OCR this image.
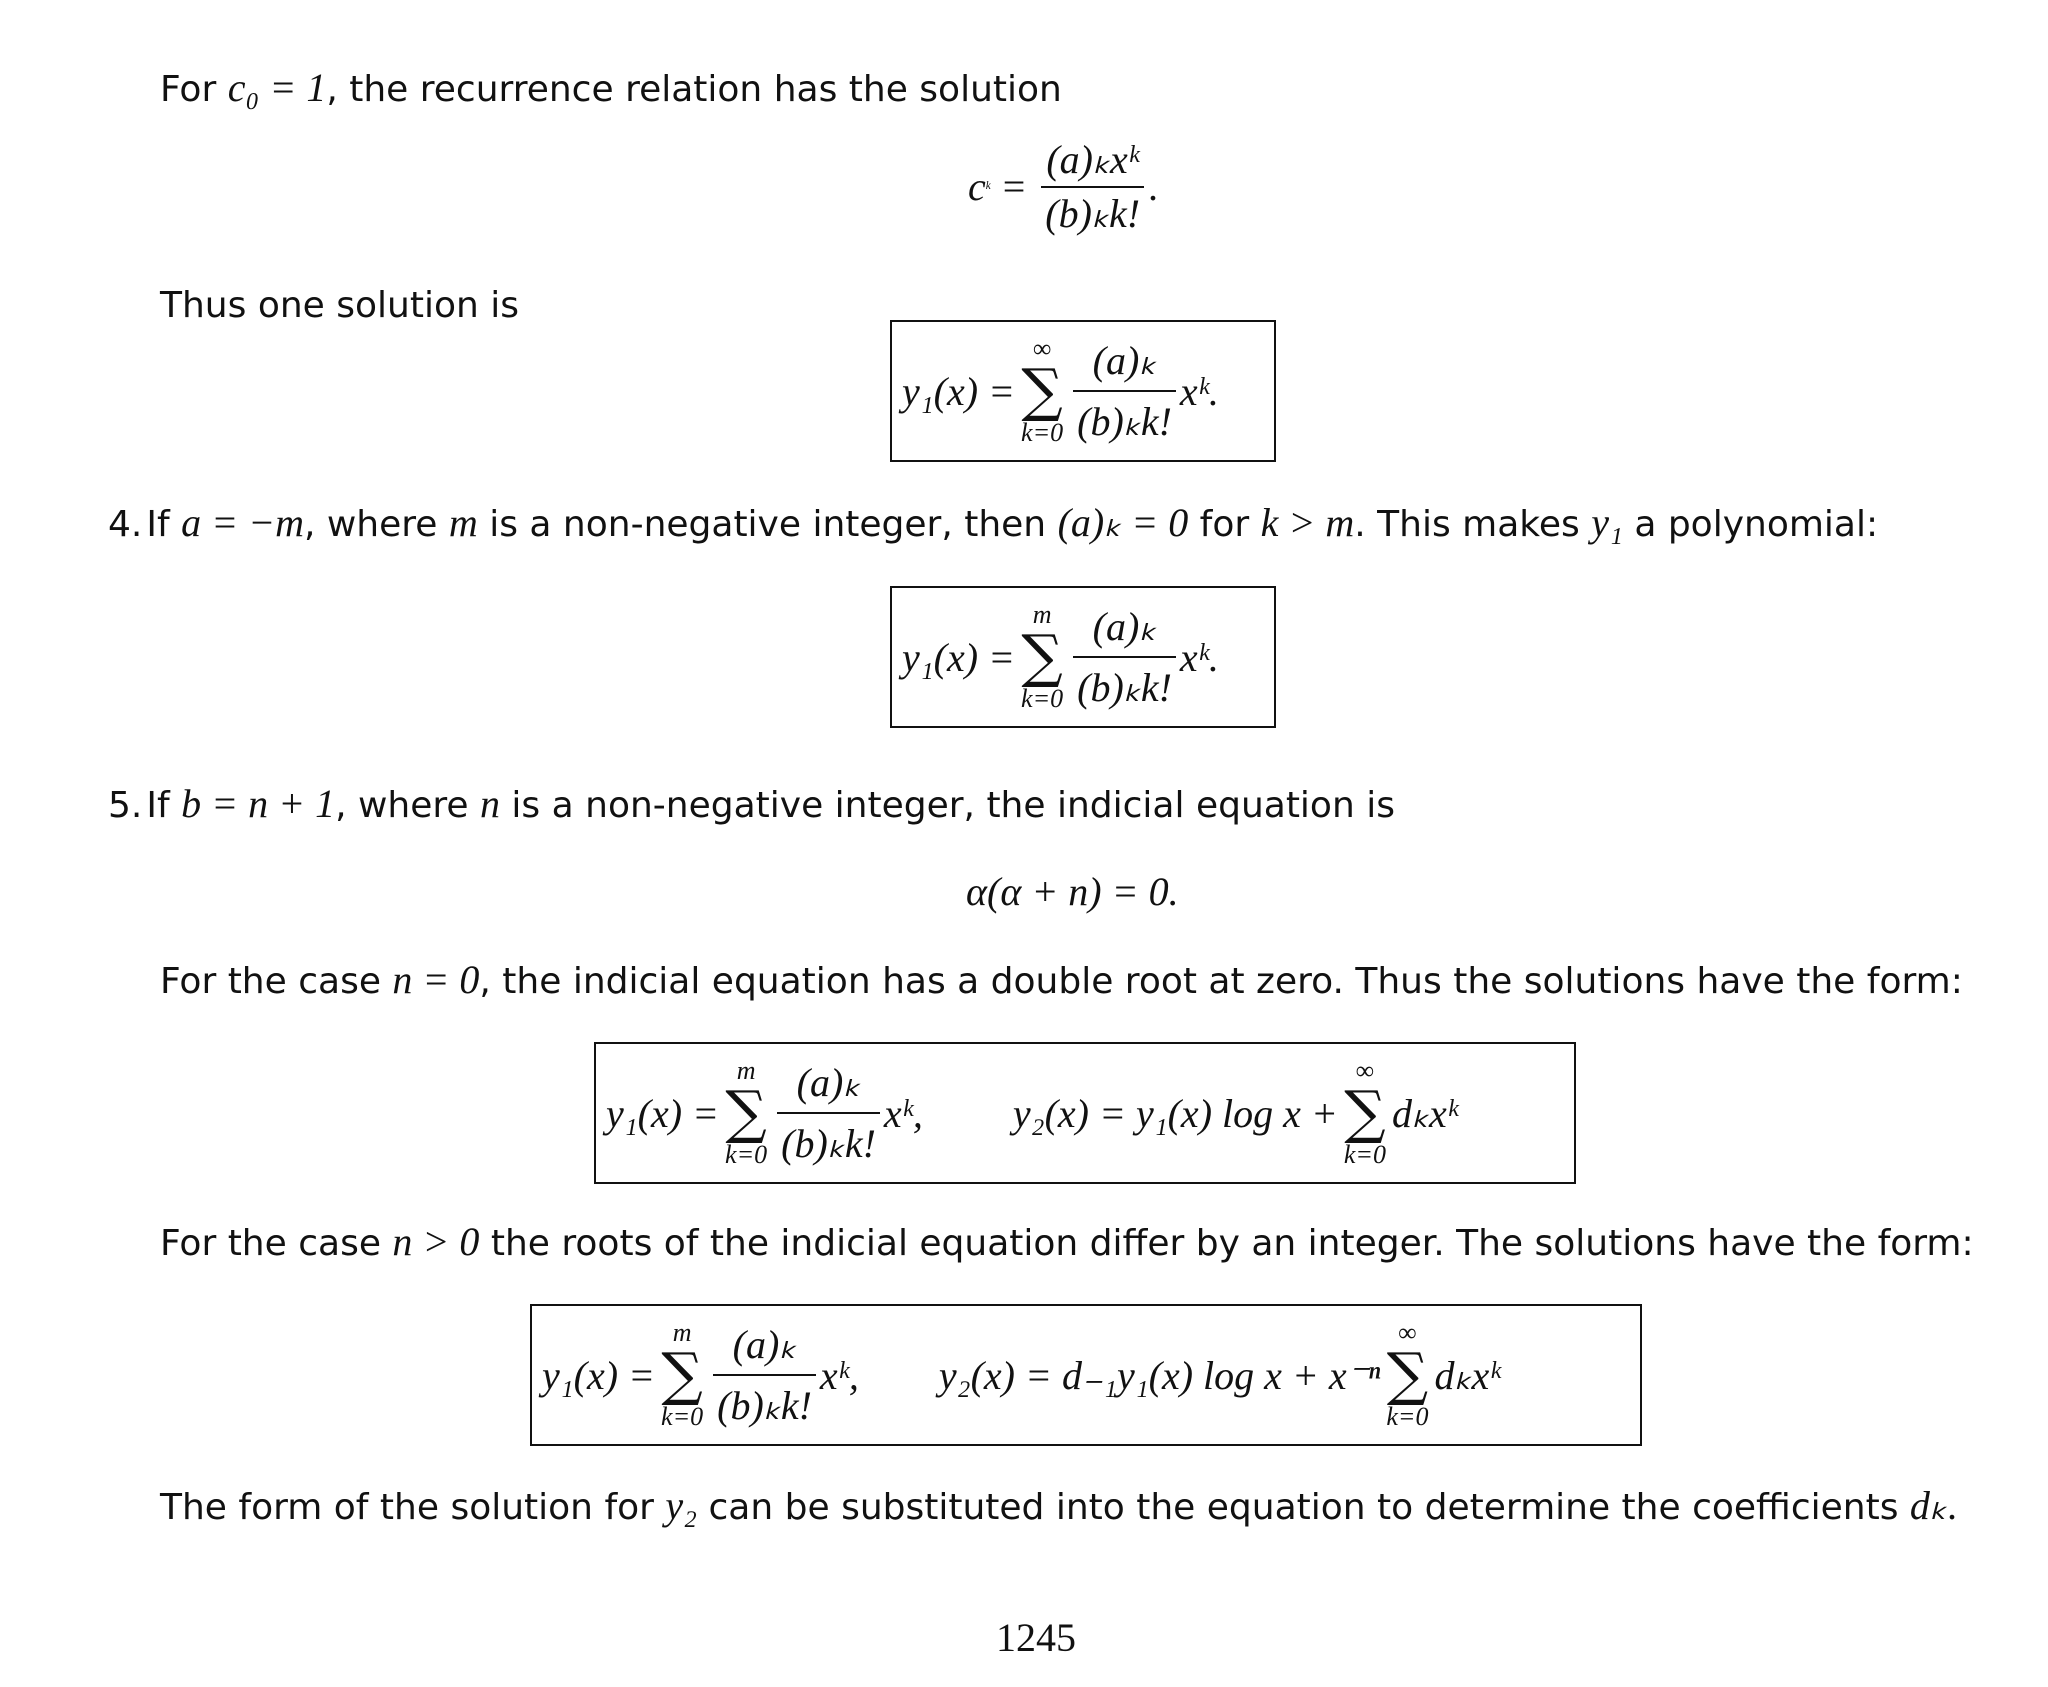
For c₀ = 1, the recurrence relation has the solution
c $k = \frac{\text{(a)ₖxᵏ}}{\text{(b)ₖk!}}$ .
Thus one solution is
y₁(x) =
∞
∑
$k=0 \frac{\text{(a)ₖ}}{\text{(b)ₖk!}}$ xᵏ.
4. If a = −m, where m is a non-negative integer, then (a)ₖ = 0 for k > m. This makes y₁ a polynomial:
y₁(x) =
m
∑
$k=0 \frac{\text{(a)ₖ}}{\text{(b)ₖk!}}$ xᵏ.
5. If b = n + 1, where n is a non-negative integer, the indicial equation is
α(α + n) = 0.
For the case n = 0, the indicial equation has a double root at zero. Thus the solutions have the form:
y₁(x) =
m
∑
$k=0 \frac{\text{(a)ₖ}}{\text{(b)ₖk!}}$ xᵏ, y₂(x) = y₁(x) log x +
∞
∑
k=0
dₖxᵏ
For the case n > 0 the roots of the indicial equation differ by an integer. The solutions have the form:
y₁(x) =
m
∑
$k=0 \frac{\text{(a)ₖ}}{\text{(b)ₖk!}}$ xᵏ, y₂(x) = d₋₁y₁(x) log x + x⁻ⁿ
∞
∑
k=0
dₖxᵏ
The form of the solution for y₂ can be substituted into the equation to determine the coefficients dₖ.
1245
